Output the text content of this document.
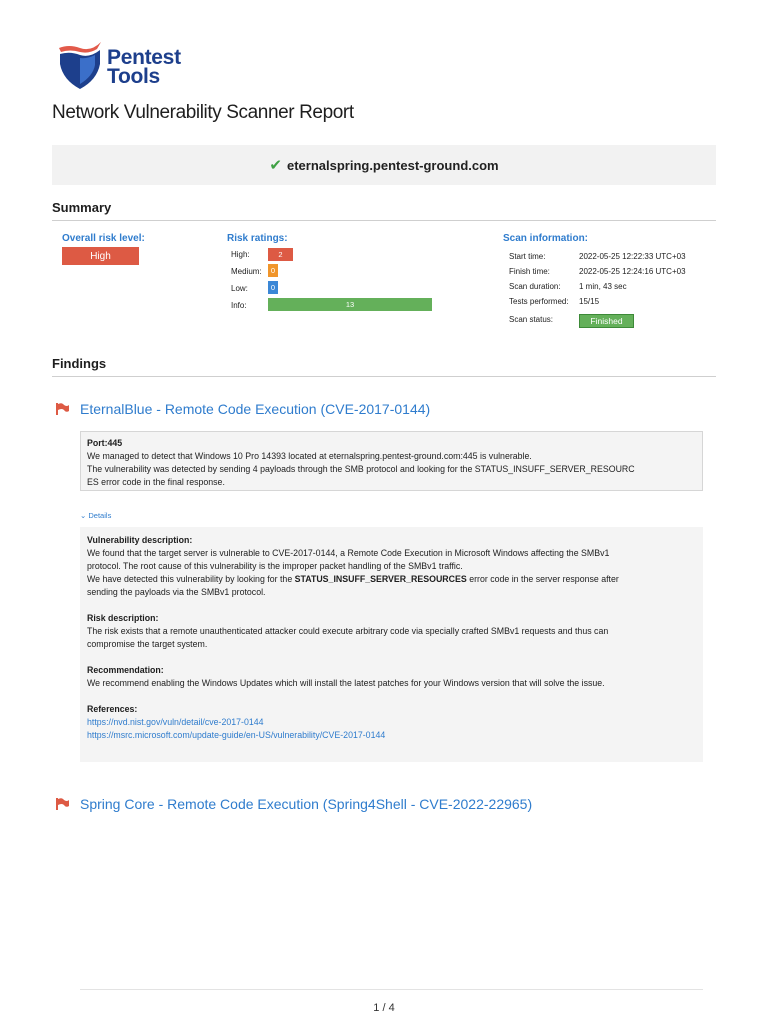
Pentest
Tools
Network Vulnerability Scanner Report
✔ eternalspring.pentest-ground.com
Summary
Overall risk level:
High
Risk ratings:
High:	2
Medium:	0
Low:	0
Info:	13
Scan information:
Start time:	2022-05-25 12:22:33 UTC+03
Finish time:	2022-05-25 12:24:16 UTC+03
Scan duration: 1 min, 43 sec
Tests performed: 15/15
Scan status:	Finished
Findings
EternalBlue - Remote Code Execution (CVE-2017-0144)
Port:445
We managed to detect that Windows 10 Pro 14393 located at eternalspring.pentest-ground.com:445 is vulnerable.
The vulnerability was detected by sending 4 payloads through the SMB protocol and looking for the STATUS_INSUFF_SERVER_RESOURC
ES error code in the final response.
⌄ Details

Vulnerability description:

We found that the target server is vulnerable to CVE-2017-0144, a Remote Code Execution in Microsoft Windows affecting the SMBv1

protocol. The root cause of this vulnerability is the improper packet handling of the SMBv1 traffic.

We have detected this vulnerability by looking for the STATUS_INSUFF_SERVER_RESOURCES error code in the server response after

sending the payloads via the SMBv1 protocol.

Risk description:

The risk exists that a remote unauthenticated attacker could execute arbitrary code via specially crafted SMBv1 requests and thus can

compromise the target system.

Recommendation:

We recommend enabling the Windows Updates which will install the latest patches for your Windows version that will solve the issue.

References:

https://nvd.nist.gov/vuln/detail/cve-2017-0144

https://msrc.microsoft.com/update-guide/en-US/vulnerability/CVE-2017-0144

Spring Core - Remote Code Execution (Spring4Shell - CVE-2022-22965)
1 / 4
